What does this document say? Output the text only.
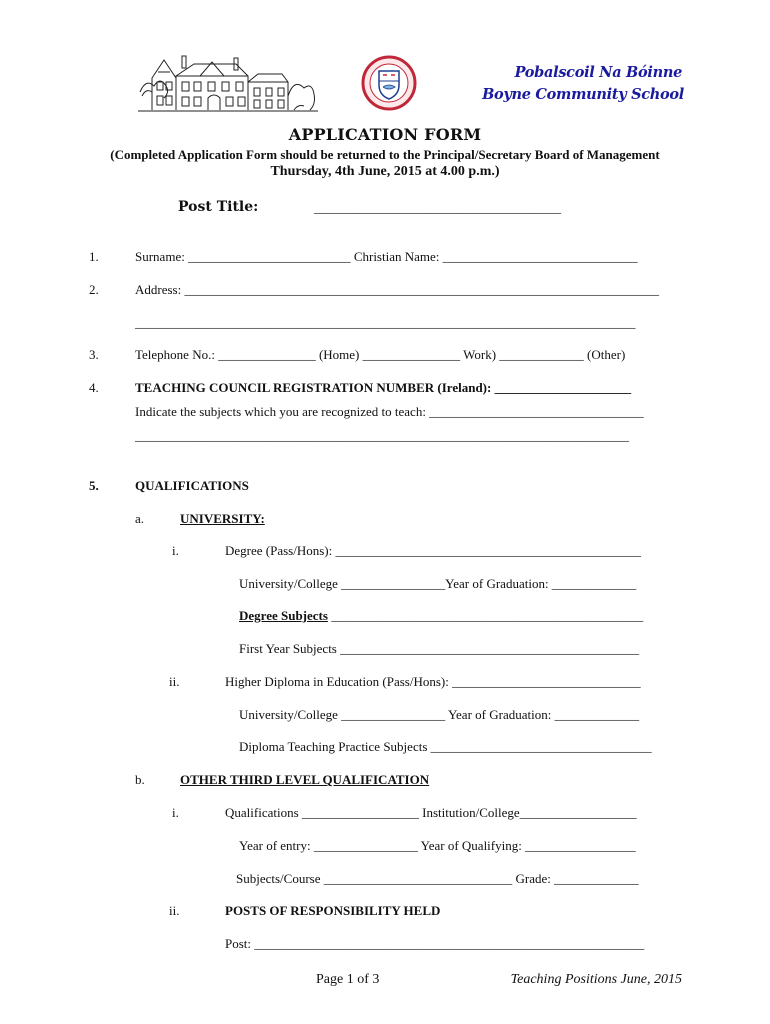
Pobalscoil Na Bóinne
Boyne Community School
APPLICATION FORM
(Completed Application Form should be returned to the Principal/Secretary Board of Management
Thursday, 4th June, 2015 at 4.00 p.m.)
Post Title:	______________________________________
1.	Surname: _________________________ Christian Name: ______________________________
2.	Address: _________________________________________________________________________
_____________________________________________________________________________
3.	Telephone No.: _______________ (Home) _______________ Work) _____________ (Other)
4.	TEACHING COUNCIL REGISTRATION NUMBER (Ireland): _____________________
Indicate the subjects which you are recognized to teach: _________________________________
____________________________________________________________________________
5.	QUALIFICATIONS
a.	UNIVERSITY:
i.	Degree (Pass/Hons): _______________________________________________
University/College ________________Year of Graduation: _____________
Degree Subjects ________________________________________________
First Year Subjects ______________________________________________
ii.	Higher Diploma in Education (Pass/Hons): _____________________________
University/College ________________ Year of Graduation: _____________
Diploma Teaching Practice Subjects __________________________________
b.	OTHER THIRD LEVEL QUALIFICATION
i.	Qualifications __________________ Institution/College__________________
Year of entry: ________________ Year of Qualifying: _________________
Subjects/Course _____________________________ Grade: _____________
ii.	POSTS OF RESPONSIBILITY HELD
Post: ____________________________________________________________
Page 1 of 3	Teaching Positions June, 2015
